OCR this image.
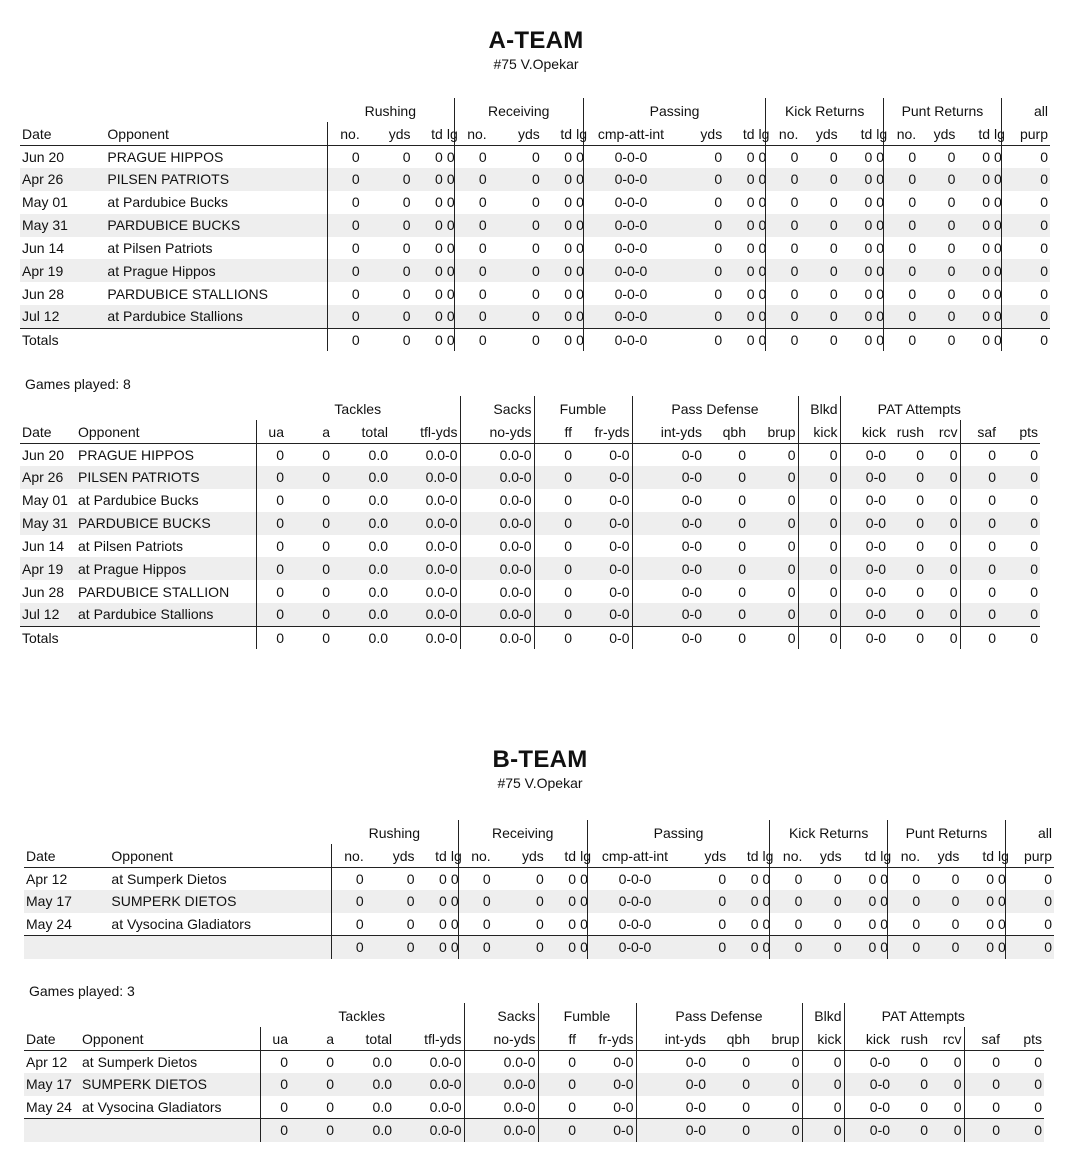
A-TEAM
#75 V.Opekar
		Rushing				Receiving				Passing				Kick Returns				Punt Returns				all
Date	Opponent	no.	yds	td	lg	no.	yds	td	lg	cmp-att-int	yds	td	lg	no.	yds	td	lg	no.	yds	td	lg	purp
Jun 20	PRAGUE HIPPOS	0	0	0	0	0	0	0	0	0-0-0	0	0	0	0	0	0	0	0	0	0	0	0
Apr 26	PILSEN PATRIOTS	0	0	0	0	0	0	0	0	0-0-0	0	0	0	0	0	0	0	0	0	0	0	0
May 01	at Pardubice Bucks	0	0	0	0	0	0	0	0	0-0-0	0	0	0	0	0	0	0	0	0	0	0	0
May 31	PARDUBICE BUCKS	0	0	0	0	0	0	0	0	0-0-0	0	0	0	0	0	0	0	0	0	0	0	0
Jun 14	at Pilsen Patriots	0	0	0	0	0	0	0	0	0-0-0	0	0	0	0	0	0	0	0	0	0	0	0
Apr 19	at Prague Hippos	0	0	0	0	0	0	0	0	0-0-0	0	0	0	0	0	0	0	0	0	0	0	0
Jun 28	PARDUBICE STALLIONS	0	0	0	0	0	0	0	0	0-0-0	0	0	0	0	0	0	0	0	0	0	0	0
Jul 12	at Pardubice Stallions	0	0	0	0	0	0	0	0	0-0-0	0	0	0	0	0	0	0	0	0	0	0	0
Totals		0	0	0	0	0	0	0	0	0-0-0	0	0	0	0	0	0	0	0	0	0	0	0
Games played: 8
		Tackles				Sacks	Fumble		Pass Defense			Blkd	PAT Attempts				
Date	Opponent	ua	a	total	tfl-yds	no-yds	ff	fr-yds	int-yds	qbh	brup	kick	kick	rush	rcv	saf	pts
Jun 20	PRAGUE HIPPOS	0	0	0.0	0.0-0	0.0-0	0	0-0	0-0	0	0	0	0-0	0	0	0	0
Apr 26	PILSEN PATRIOTS	0	0	0.0	0.0-0	0.0-0	0	0-0	0-0	0	0	0	0-0	0	0	0	0
May 01	at Pardubice Bucks	0	0	0.0	0.0-0	0.0-0	0	0-0	0-0	0	0	0	0-0	0	0	0	0
May 31	PARDUBICE BUCKS	0	0	0.0	0.0-0	0.0-0	0	0-0	0-0	0	0	0	0-0	0	0	0	0
Jun 14	at Pilsen Patriots	0	0	0.0	0.0-0	0.0-0	0	0-0	0-0	0	0	0	0-0	0	0	0	0
Apr 19	at Prague Hippos	0	0	0.0	0.0-0	0.0-0	0	0-0	0-0	0	0	0	0-0	0	0	0	0
Jun 28	PARDUBICE STALLION	0	0	0.0	0.0-0	0.0-0	0	0-0	0-0	0	0	0	0-0	0	0	0	0
Jul 12	at Pardubice Stallions	0	0	0.0	0.0-0	0.0-0	0	0-0	0-0	0	0	0	0-0	0	0	0	0
Totals		0	0	0.0	0.0-0	0.0-0	0	0-0	0-0	0	0	0	0-0	0	0	0	0
B-TEAM
#75 V.Opekar
		Rushing				Receiving				Passing				Kick Returns				Punt Returns				all
Date	Opponent	no.	yds	td	lg	no.	yds	td	lg	cmp-att-int	yds	td	lg	no.	yds	td	lg	no.	yds	td	lg	purp
Apr 12	at Sumperk Dietos	0	0	0	0	0	0	0	0	0-0-0	0	0	0	0	0	0	0	0	0	0	0	0
May 17	SUMPERK DIETOS	0	0	0	0	0	0	0	0	0-0-0	0	0	0	0	0	0	0	0	0	0	0	0
May 24	at Vysocina Gladiators	0	0	0	0	0	0	0	0	0-0-0	0	0	0	0	0	0	0	0	0	0	0	0
		0	0	0	0	0	0	0	0	0-0-0	0	0	0	0	0	0	0	0	0	0	0	0
Games played: 3
		Tackles				Sacks	Fumble		Pass Defense			Blkd	PAT Attempts				
Date	Opponent	ua	a	total	tfl-yds	no-yds	ff	fr-yds	int-yds	qbh	brup	kick	kick	rush	rcv	saf	pts
Apr 12	at Sumperk Dietos	0	0	0.0	0.0-0	0.0-0	0	0-0	0-0	0	0	0	0-0	0	0	0	0
May 17	SUMPERK DIETOS	0	0	0.0	0.0-0	0.0-0	0	0-0	0-0	0	0	0	0-0	0	0	0	0
May 24	at Vysocina Gladiators	0	0	0.0	0.0-0	0.0-0	0	0-0	0-0	0	0	0	0-0	0	0	0	0
		0	0	0.0	0.0-0	0.0-0	0	0-0	0-0	0	0	0	0-0	0	0	0	0
